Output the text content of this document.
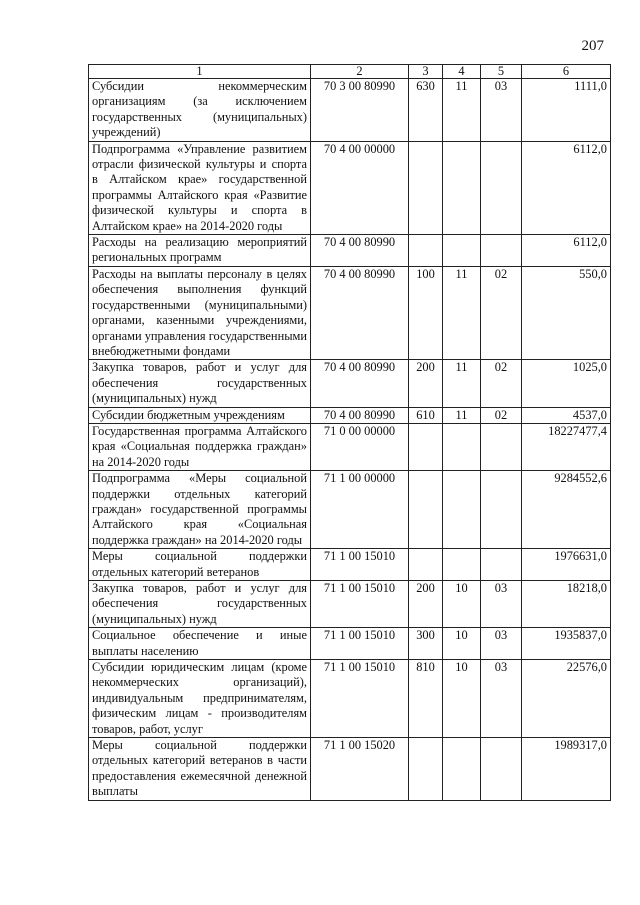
207
1	2	3	4	5	6
Субсидии некоммерческим организациям (за исключением государственных (муниципальных) учреждений)	70 3 00 80990	630	11	03	1111,0
Подпрограмма «Управление развитием отрасли физической культуры и спорта в Алтайском крае» государственной программы Алтайского края «Развитие физической культуры и спорта в Алтайском крае» на 2014-2020 годы	70 4 00 00000				6112,0
Расходы на реализацию мероприятий региональных программ	70 4 00 80990				6112,0
Расходы на выплаты персоналу в целях обеспечения выполнения функций государственными (муниципальными) органами, казенными учреждениями, органами управления государственными внебюджетными фондами	70 4 00 80990	100	11	02	550,0
Закупка товаров, работ и услуг для обеспечения государственных (муниципальных) нужд	70 4 00 80990	200	11	02	1025,0
Субсидии бюджетным учреждениям	70 4 00 80990	610	11	02	4537,0
Государственная программа Алтайского края «Социальная поддержка граждан» на 2014-2020 годы	71 0 00 00000				18227477,4
Подпрограмма «Меры социальной поддержки отдельных категорий граждан» государственной программы Алтайского края «Социальная поддержка граждан» на 2014-2020 годы	71 1 00 00000				9284552,6
Меры социальной поддержки отдельных категорий ветеранов	71 1 00 15010				1976631,0
Закупка товаров, работ и услуг для обеспечения государственных (муниципальных) нужд	71 1 00 15010	200	10	03	18218,0
Социальное обеспечение и иные выплаты населению	71 1 00 15010	300	10	03	1935837,0
Субсидии юридическим лицам (кроме некоммерческих организаций), индивидуальным предпринимателям, физическим лицам - производителям товаров, работ, услуг	71 1 00 15010	810	10	03	22576,0
Меры социальной поддержки отдельных категорий ветеранов в части предоставления ежемесячной денежной выплаты	71 1 00 15020				1989317,0
